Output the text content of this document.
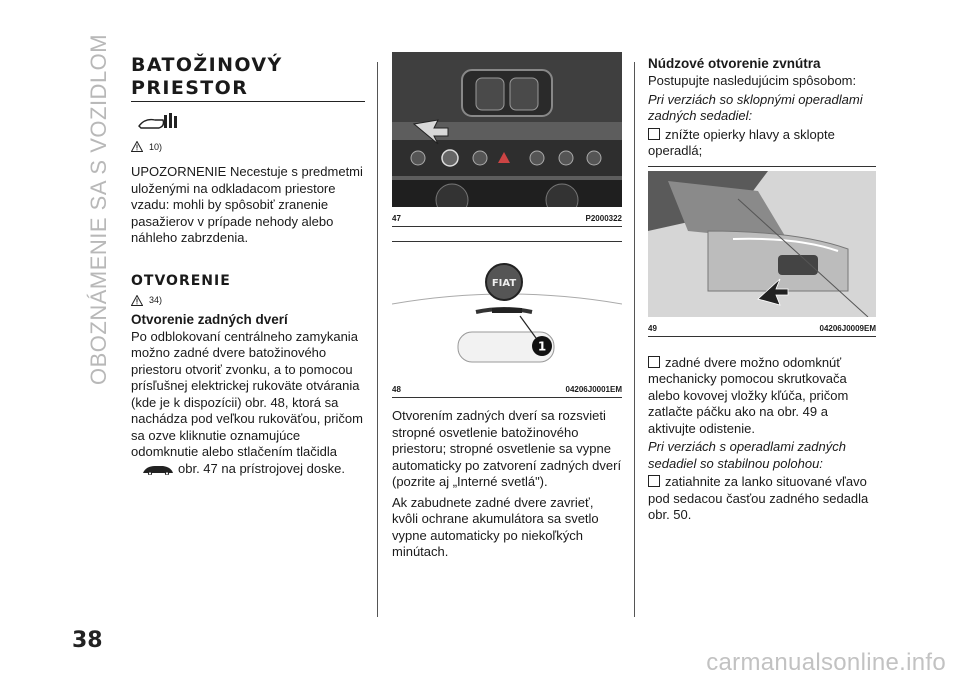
OBOZNÁMENIE SA S VOZIDLOM BATOŽINOVÝ
PRIESTOR
10)

UPOZORNENIE Necestuje s predmetmi uloženými na odkladacom priestore vzadu: mohli by spôsobiť zranenie pasažierov v prípade nehody alebo náhleho zabrzdenia.

OTVORENIE
34)
Otvorenie zadných dverí

Po odblokovaní centrálneho zamykania možno zadné dvere batožinového priestoru otvoriť zvonku, a to pomocou prísľušnej elektrickej rukoväte otvárania (kde je k dispozícii) obr. 48, ktorá sa nachádza pod veľkou rukoväťou, pričom sa ozve kliknutie oznamujúce odomknutie alebo stlačením tlačidla
obr. 47 na prístrojovej doske.

47	P2000322
FIAT
1
48	04206J0001EM

Otvorením zadných dverí sa rozsvieti stropné osvetlenie batožinového priestoru; stropné osvetlenie sa vypne automaticky po zatvorení zadných dverí (pozrite aj „Interné svetlá").

Ak zabudnete zadné dvere zavrieť, kvôli ochrane akumulátora sa svetlo vypne automaticky po niekoľkých minútach.

Núdzové otvorenie zvnútra

Postupujte nasledujúcim spôsobom:

Pri verziách so sklopnými operadlami zadných sedadiel:

znížte opierky hlavy a sklopte operadlá;

49	04206J0009EM

zadné dvere možno odomknúť mechanicky pomocou skrutkovača alebo kovovej vložky kľúča, pričom zatlačte páčku ako na obr. 49 a aktivujte odistenie.

Pri verziách s operadlami zadných sedadiel so stabilnou polohou:

zatiahnite za lanko situované vľavo pod sedacou časťou zadného sedadla obr. 50.

38
carmanualsonline.info
